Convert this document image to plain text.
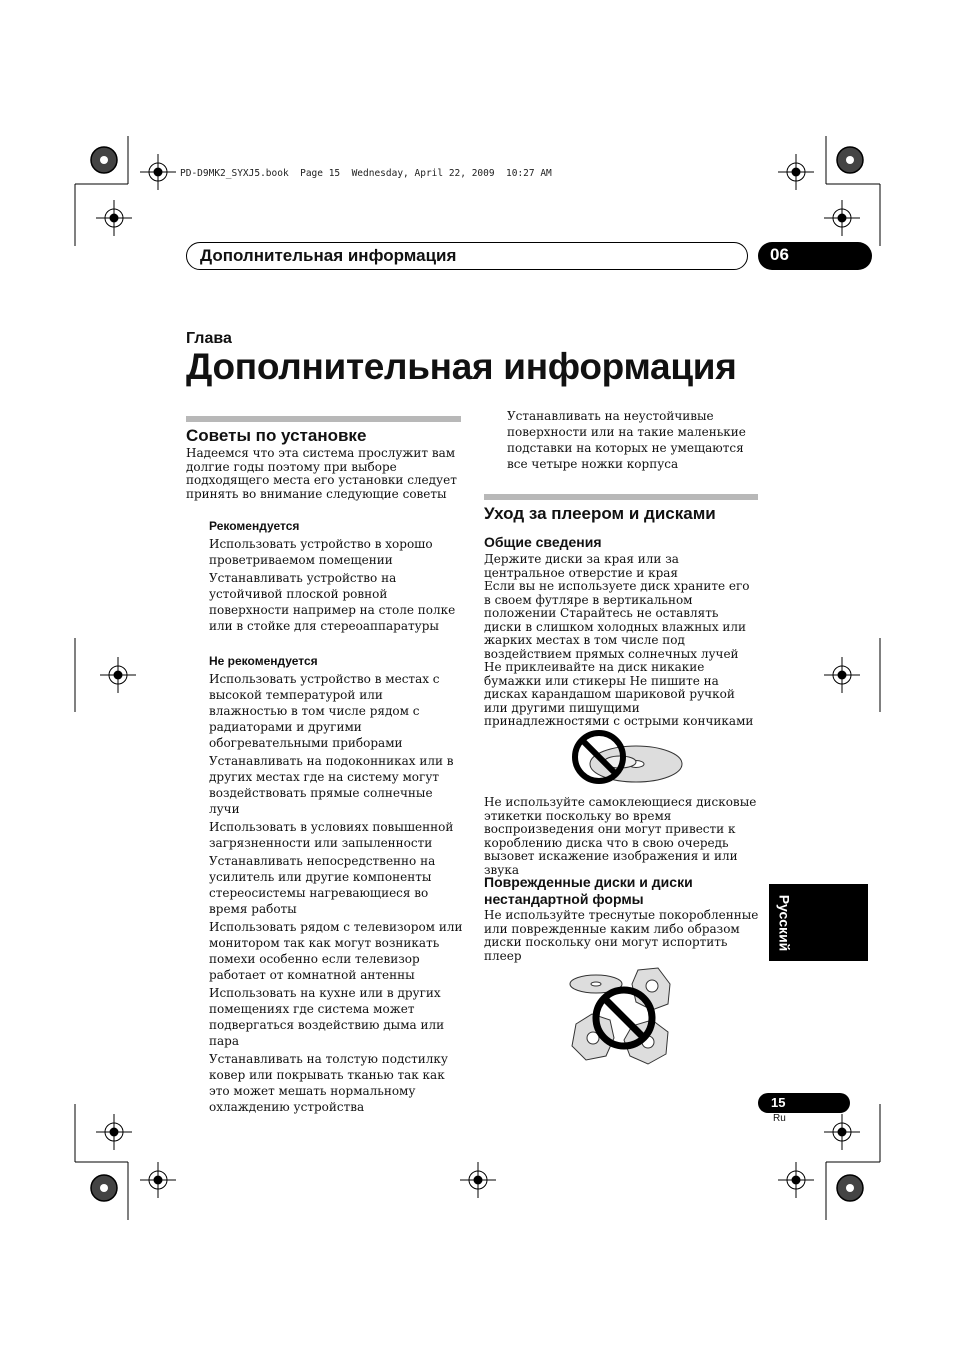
PD-D9MK2_SYXJ5.book  Page 15  Wednesday, April 22, 2009  10:27 AM
Дополнительная информация	06
Глава
Дополнительная информация
Советы по установке
Надеемся что эта система прослужит вам долгие годы поэтому при выборе подходящего места его установки следует принять во внимание следующие советы
Рекомендуется
Использовать устройство в хорошо проветриваемом помещении
Устанавливать устройство на устойчивой плоской ровной поверхности например на столе полке или в стойке для стереоаппаратуры
Не рекомендуется
Использовать устройство в местах с высокой температурой или влажностью в том числе рядом с радиаторами и другими обогревательными приборами
Устанавливать на подоконниках или в других местах где на систему могут воздействовать прямые солнечные лучи
Использовать в условиях повышенной загрязненности или запыленности
Устанавливать непосредственно на усилитель или другие компоненты стереосистемы нагревающиеся во время работы
Использовать рядом с телевизором или монитором так как могут возникать помехи особенно если телевизор работает от комнатной антенны
Использовать на кухне или в других помещениях где система может подвергаться воздействию дыма или пара
Устанавливать на толстую подстилку ковер или покрывать тканью так как это может мешать нормальному охлаждению устройства
Устанавливать на неустойчивые поверхности или на такие маленькие подставки на которых не умещаются все четыре ножки корпуса
Уход за плеером и дисками
Общие сведения
Держите диски за края или за центральное отверстие и края
Если вы не используете диск храните его в своем футляре в вертикальном положении Старайтесь не оставлять диски в слишком холодных влажных или жарких местах в том числе под воздействием прямых солнечных лучей
Не приклеивайте на диск никакие бумажки или стикеры Не пишите на дисках карандашом шариковой ручкой или другими пишущими принадлежностями с острыми кончиками
Не используйте самоклеющиеся дисковые этикетки поскольку во время воспроизведения они могут привести к короблению диска что в свою очередь вызовет искажение изображения и или звука
Поврежденные диски и диски нестандартной формы
Не используйте треснутые покоробленные или поврежденные каким либо образом диски поскольку они могут испортить плеер
Русский
15
Ru
